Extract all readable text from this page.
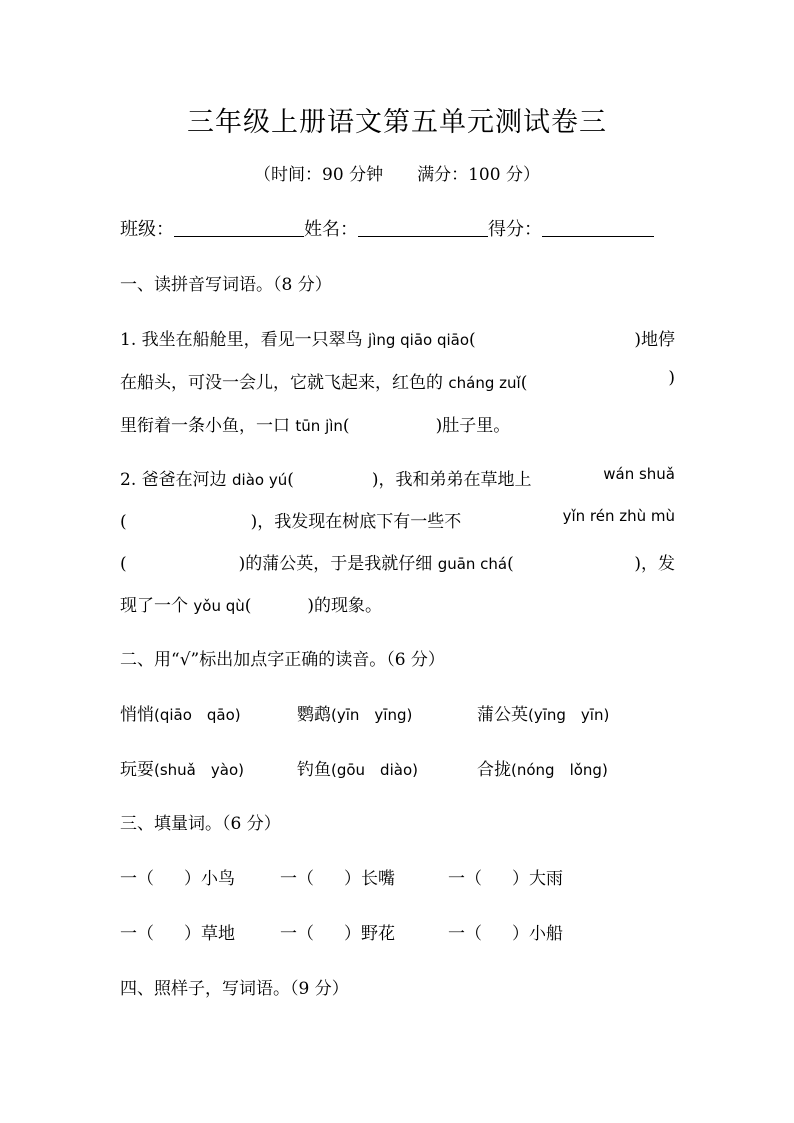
三年级上册语文第五单元测试卷三
（时间：90 分钟 满分：100 分）
班级：	姓名：	得分：
一、读拼音写词语。（8 分）
1. 我坐在船舱里，看见一只翠鸟 jìng qiāo qiāo(	)地停
在船头，可没一会儿，它就飞起来，红色的 cháng zuǐ(	)
里衔着一条小鱼，一口 tūn jìn(	)肚子里。
2. 爸爸在河边 diào yú(	)，我和弟弟在草地上	wán shuǎ
(	)，我发现在树底下有一些不	yǐn rén zhù mù
(	)的蒲公英，于是我就仔细 guān chá(	)，发
现了一个 yǒu qù(	)的现象。
二、用“√”标出加点字正确的读音。（6 分）
悄悄(qiāo　qāo)	鹦鹉(yīn　yīng)	蒲公英(yīng　yīn)
玩耍(shuǎ　yào)	钓鱼(gōu　diào)	合拢(nóng　lǒng)
三、填量词。（6 分）
一（ ）小鸟	一（ ）长嘴	一（ ）大雨
一（ ）草地	一（ ）野花	一（ ）小船
四、照样子，写词语。（9 分）
